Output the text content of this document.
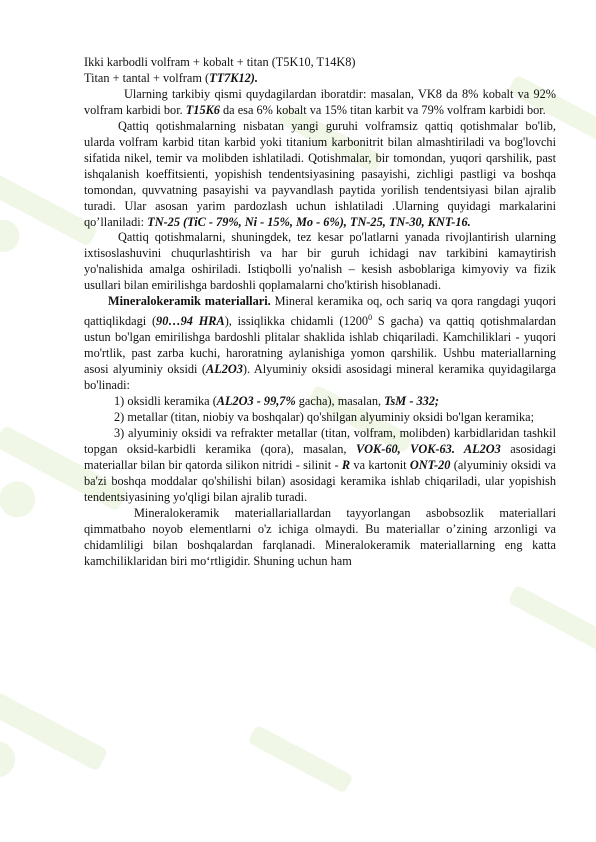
Ikki karbodli volfram + kobalt + titan (T5K10, T14K8)

Titan + tantal + volfram (TT7K12).

Ularning tarkibiy qismi quydagilardan iboratdir: masalan, VK8 da 8% kobalt va 92% volfram karbidi bor. T15K6 da esa 6% kobalt va 15% titan karbit va 79% volfram karbidi bor.

Qattiq qotishmalarning nisbatan yangi guruhi volframsiz qattiq qotishmalar bo'lib, ularda volfram karbid titan karbid yoki titanium karbonitrit bilan almashtiriladi va bog'lovchi sifatida nikel, temir va molibden ishlatiladi. Qotishmalar, bir tomondan, yuqori qarshilik, past ishqalanish koeffitsienti, yopishish tendentsiyasining pasayishi, zichligi pastligi va boshqa tomondan, quvvatning pasayishi va payvandlash paytida yorilish tendentsiyasi bilan ajralib turadi. Ular asosan yarim pardozlash uchun ishlatiladi .Ularning quyidagi markalarini qo’llaniladi: TN-25 (TiC - 79%, Ni - 15%, Mo - 6%), TN-25, TN-30, KNT-16.

Qattiq qotishmalarni, shuningdek, tez kesar po'latlarni yanada rivojlantirish ularning ixtisoslashuvini chuqurlashtirish va har bir guruh ichidagi nav tarkibini kamaytirish yo'nalishida amalga oshiriladi. Istiqbolli yo'nalish – kesish asboblariga kimyoviy va fizik usullari bilan emirilishga bardoshli qoplamalarni cho'ktirish hisoblanadi.

Mineralokeramik materiallari. Mineral keramika oq, och sariq va qora rangdagi yuqori qattiqlikdagi (90…94 HRA), issiqlikka chidamli (1200$^0$ S gacha) va qattiq qotishmalardan ustun bo'lgan emirilishga bardoshli plitalar shaklida ishlab chiqariladi. Kamchiliklari - yuqori mo'rtlik, past zarba kuchi, haroratning aylanishiga yomon qarshilik. Ushbu materiallarning asosi alyuminiy oksidi (AL2O3). Alyuminiy oksidi asosidagi mineral keramika quyidagilarga bo'linadi:

1) oksidli keramika (AL2O3 - 99,7% gacha), masalan, TsM - 332;

2) metallar (titan, niobiy va boshqalar) qo'shilgan alyuminiy oksidi bo'lgan keramika;

3) alyuminiy oksidi va refrakter metallar (titan, volfram, molibden) karbidlaridan tashkil topgan oksid-karbidli keramika (qora), masalan, VOK-60, VOK-63. AL2O3 asosidagi materiallar bilan bir qatorda silikon nitridi - silinit - R va kartonit ONT-20 (alyuminiy oksidi va ba'zi boshqa moddalar qo'shilishi bilan) asosidagi keramika ishlab chiqariladi, ular yopishish tendentsiyasining yo'qligi bilan ajralib turadi.

Mineralokeramik materiallariallardan tayyorlangan asbobsozlik materiallari qimmatbaho noyob elementlarni o'z ichiga olmaydi. Bu materiallar o’zining arzonligi va chidamliligi bilan boshqalardan farqlanadi. Mineralokeramik materiallarning eng katta kamchiliklaridan biri mo‘rtligidir. Shuning uchun ham
